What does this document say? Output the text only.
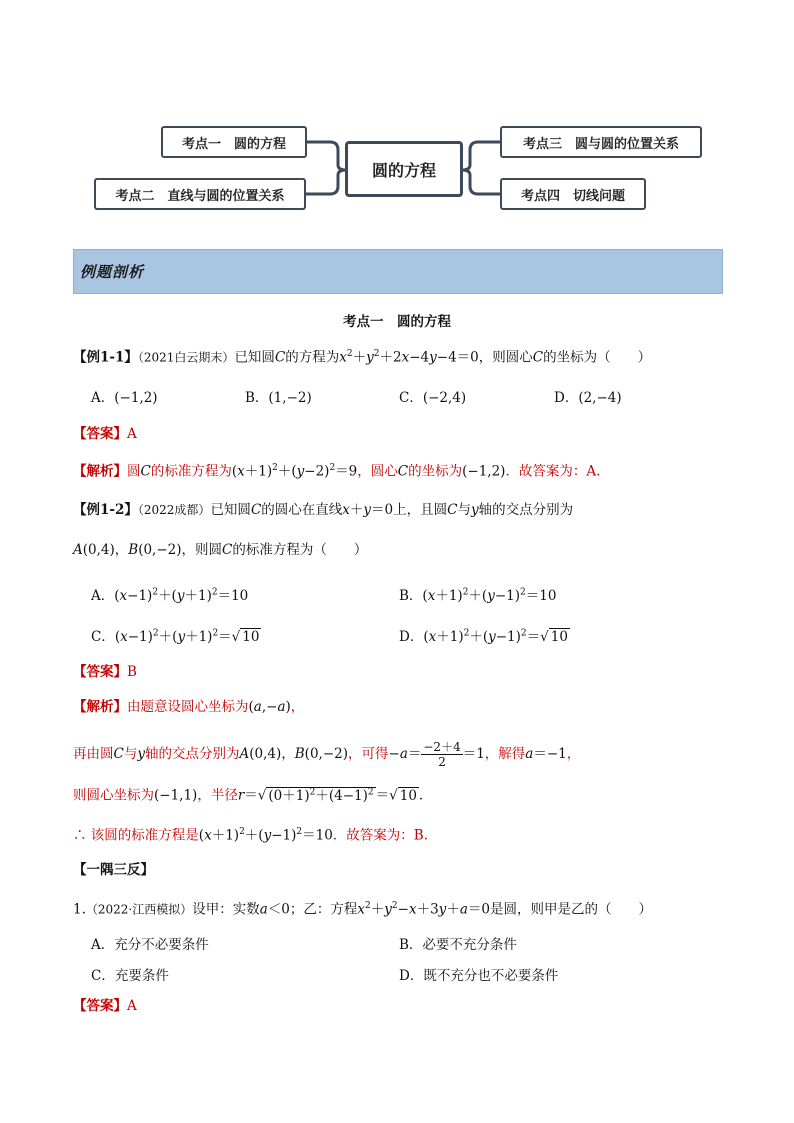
考点一　圆的方程
考点二　直线与圆的位置关系
圆的方程
考点三　圆与圆的位置关系
考点四　切线问题
例题剖析
考点一　圆的方程
【例1-1】（2021白云期末）已知圆C的方程为$x^2+y^2+2x-4y-4=0$，则圆心C的坐标为（　　）
A．(−1,2)	B．(1,−2)	C．(−2,4)	D．(2,−4)
【答案】A
【解析】圆C的标准方程为$(x+1)^2+(y-2)^2=9$，圆心C的坐标为(−1,2)．故答案为：A.
【例1-2】（2022成都）已知圆C的圆心在直线x＋y＝0上，且圆C与y轴的交点分别为
A(0,4)，B(0,−2)，则圆C的标准方程为（　　）
A．$(x-1)^2+(y+1)^2=10$	B．$(x+1)^2+(y-1)^2=10$
C．$(x-1)^2+(y+1)^2=√$ 10	D．$(x+1)^2+(y-1)^2=√$ 10
【答案】B
【解析】由题意设圆心坐标为(a,−a)，
再由圆C与y轴的交点分别为A(0,4)，B(0,−2)，可得$-a= \frac{-2+4}{2} =1$，解得a＝−1，
则圆心坐标为(−1,1)，半径r＝√ $(0+1)^2+(4-1)^2$ ＝√ 10 ．
∴ 该圆的标准方程是$(x+1)^2+(y-1)^2=10$．故答案为：B.
【一隅三反】
1.（2022·江西模拟）设甲：实数a＜0；乙：方程$x^2+y^2-x+3y+a=0$是圆，则甲是乙的（　　）
A．充分不必要条件	B．必要不充分条件
C．充要条件	D．既不充分也不必要条件
【答案】A
